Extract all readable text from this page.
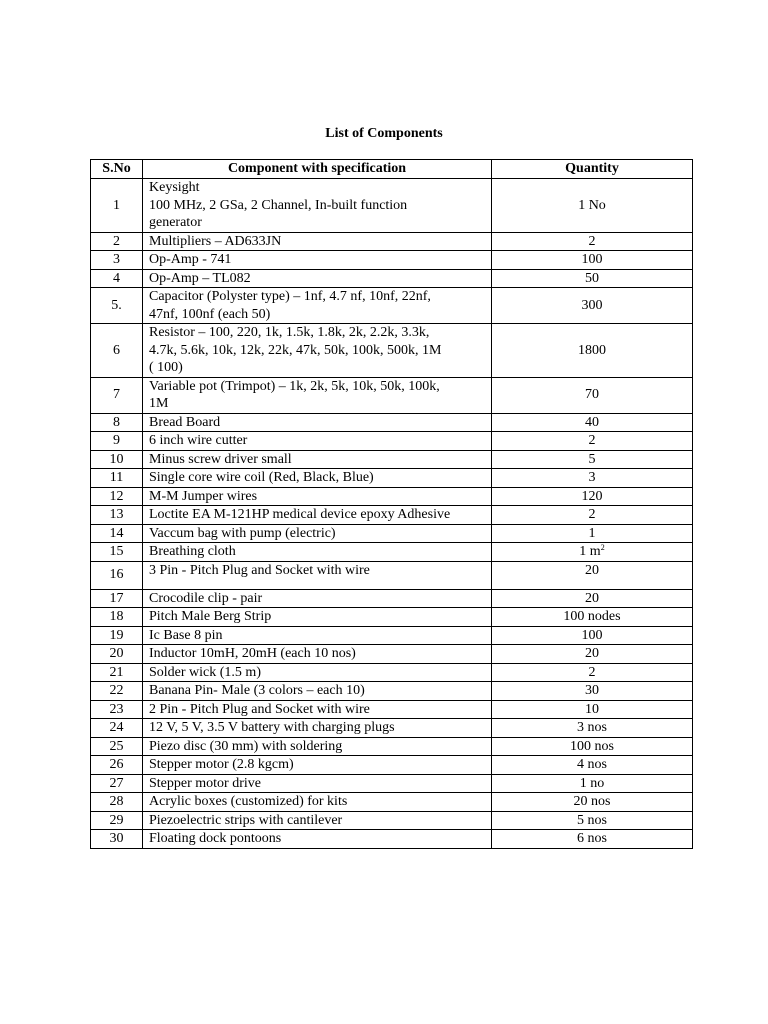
List of Components
S.No	Component with specification	Quantity
1	Keysight
100 MHz, 2 GSa, 2 Channel, In-built function
generator	1 No
2	Multipliers – AD633JN	2
3	Op-Amp - 741	100
4	Op-Amp – TL082	50
5.	Capacitor (Polyster type) – 1nf, 4.7 nf, 10nf, 22nf,
47nf, 100nf (each 50)	300
6	Resistor – 100, 220, 1k, 1.5k, 1.8k, 2k, 2.2k, 3.3k,
4.7k, 5.6k, 10k, 12k, 22k, 47k, 50k, 100k, 500k, 1M
( 100)	1800
7	Variable pot (Trimpot) – 1k, 2k, 5k, 10k, 50k, 100k,
1M	70
8	Bread Board	40
9	6 inch wire cutter	2
10	Minus screw driver small	5
11	Single core wire coil (Red, Black, Blue)	3
12	M-M Jumper wires	120
13	Loctite EA M-121HP medical device epoxy Adhesive	2
14	Vaccum bag with pump (electric)	1
15	Breathing cloth	1 $m^2$
16	3 Pin - Pitch Plug and Socket with wire	20
17	Crocodile clip - pair	20
18	Pitch Male Berg Strip	100 nodes
19	Ic Base 8 pin	100
20	Inductor 10mH, 20mH (each 10 nos)	20
21	Solder wick (1.5 m)	2
22	Banana Pin- Male (3 colors – each 10)	30
23	2 Pin - Pitch Plug and Socket with wire	10
24	12 V, 5 V, 3.5 V battery with charging plugs	3 nos
25	Piezo disc (30 mm) with soldering	100 nos
26	Stepper motor (2.8 kgcm)	4 nos
27	Stepper motor drive	1 no
28	Acrylic boxes (customized) for kits	20 nos
29	Piezoelectric strips with cantilever	5 nos
30	Floating dock pontoons	6 nos
